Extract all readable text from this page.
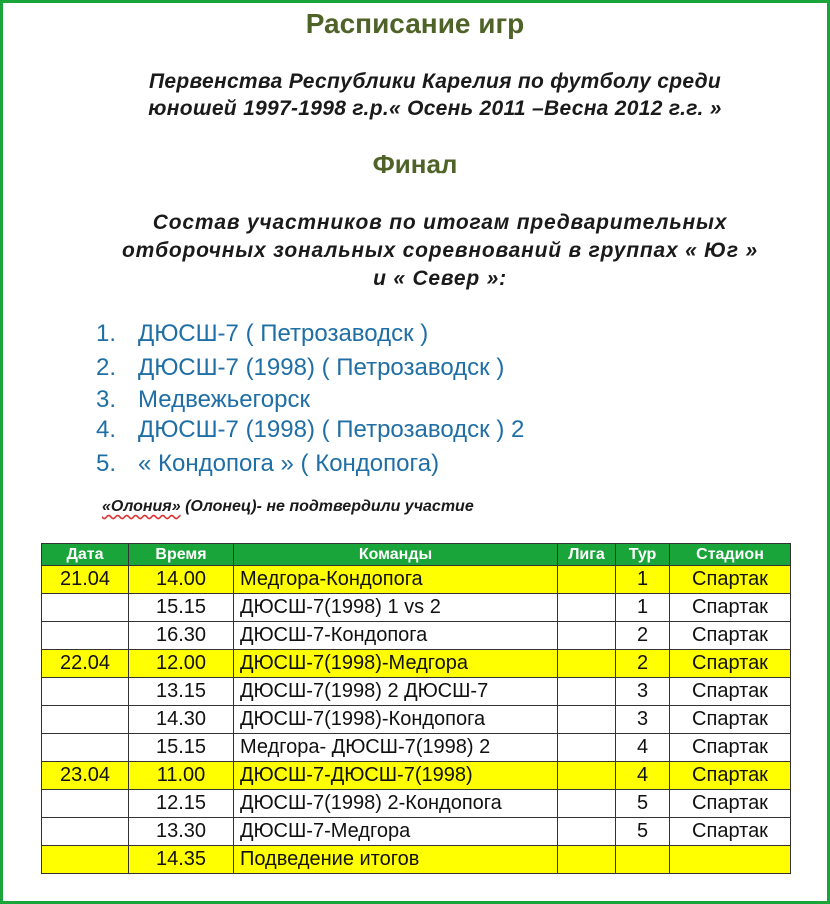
Расписание игр
Первенства Республики Карелия по футболу среди
юношей 1997-1998 г.р.« Осень 2011 –Весна 2012 г.г. »
Финал
Состав участников по итогам предварительных
отборочных зональных соревнований в группах « Юг »
и « Север »:
1. ДЮСШ-7 ( Петрозаводск )
2. ДЮСШ-7 (1998) ( Петрозаводск )
3. Медвежьегорск
4. ДЮСШ-7 (1998) ( Петрозаводск ) 2
5. « Кондопога » ( Кондопога)
«Олония» (Олонец)- не подтвердили участие
Дата	Время	Команды	Лига	Тур	Стадион
21.04	14.00	Медгора-Кондопога		1	Спартак
	15.15	ДЮСШ-7(1998) 1 vs 2		1	Спартак
	16.30	ДЮСШ-7-Кондопога		2	Спартак
22.04	12.00	ДЮСШ-7(1998)-Медгора		2	Спартак
	13.15	ДЮСШ-7(1998) 2 ДЮСШ-7		3	Спартак
	14.30	ДЮСШ-7(1998)-Кондопога		3	Спартак
	15.15	Медгора- ДЮСШ-7(1998) 2		4	Спартак
23.04	11.00	ДЮСШ-7-ДЮСШ-7(1998)		4	Спартак
	12.15	ДЮСШ-7(1998) 2-Кондопога		5	Спартак
	13.30	ДЮСШ-7-Медгора		5	Спартак
	14.35	Подведение итогов			
